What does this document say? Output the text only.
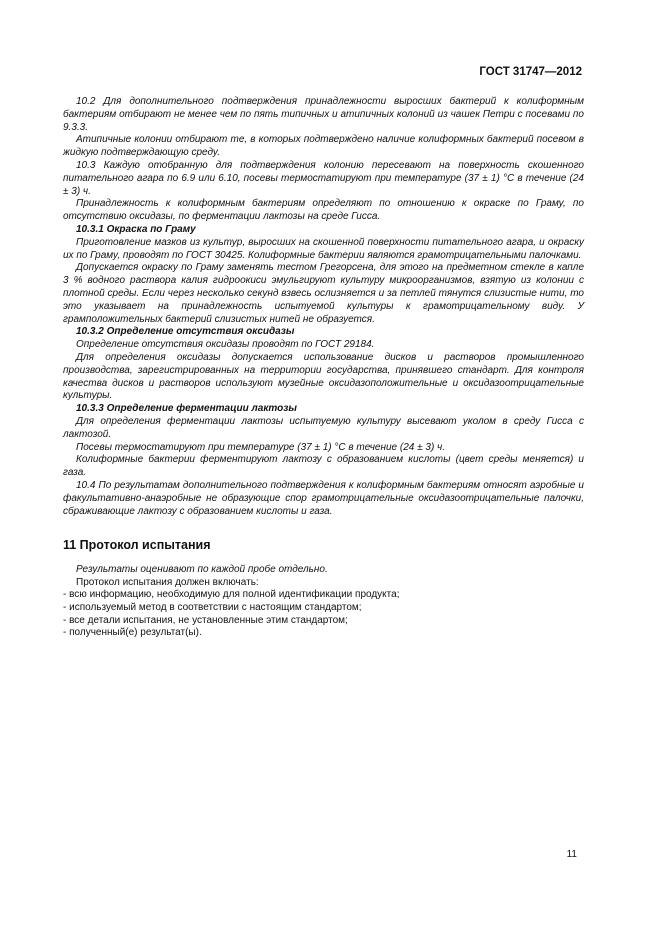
ГОСТ 31747—2012

10.2 Для дополнительного подтверждения принадлежности выросших бактерий к колиформным бактериям отбирают не менее чем по пять типичных и атипичных колоний из чашек Петри с посевами по 9.3.3.

Атипичные колонии отбирают те, в которых подтверждено наличие колиформных бактерий посевом в жидкую подтверждающую среду.

10.3 Каждую отобранную для подтверждения колонию пересевают на поверхность скошенного питательного агара по 6.9 или 6.10, посевы термостатируют при температуре (37 ± 1) °С в течение (24 ± 3) ч.

Принадлежность к колиформным бактериям определяют по отношению к окраске по Граму, по отсутствию оксидазы, по ферментации лактозы на среде Гисса.

10.3.1 Окраска по Граму

Приготовление мазков из культур, выросших на скошенной поверхности питательного агара, и окраску их по Граму, проводят по ГОСТ 30425. Колиформные бактерии являются грамотрицательными палочками.

Допускается окраску по Граму заменять тестом Грегорсена, для этого на предметном стекле в капле 3 % водного раствора калия гидроокиси эмульгируют культуру микроорганизмов, взятую из колонии с плотной среды. Если через несколько секунд взвесь ослизняется и за петлей тянутся слизистые нити, то это указывает на принадлежность испытуемой культуры к грамотрицательному виду. У грамположительных бактерий слизистых нитей не образуется.

10.3.2 Определение отсутствия оксидазы

Определение отсутствия оксидазы проводят по ГОСТ 29184.

Для определения оксидазы допускается использование дисков и растворов промышленного производства, зарегистрированных на территории государства, принявшего стандарт. Для контроля качества дисков и растворов используют музейные оксидазоположительные и оксидазоотрицательные культуры.

10.3.3 Определение ферментации лактозы

Для определения ферментации лактозы испытуемую культуру высевают уколом в среду Гисса с лактозой.

Посевы термостатируют при температуре (37 ± 1) °С в течение (24 ± 3) ч.

Колиформные бактерии ферментируют лактозу с образованием кислоты (цвет среды меняется) и газа.

10.4 По результатам дополнительного подтверждения к колиформным бактериям относят аэробные и факультативно-анаэробные не образующие спор грамотрицательные оксидазоотрицательные палочки, сбраживающие лактозу с образованием кислоты и газа.

11 Протокол испытания

Результаты оценивают по каждой пробе отдельно.

Протокол испытания должен включать:

- всю информацию, необходимую для полной идентификации продукта;

- используемый метод в соответствии с настоящим стандартом;

- все детали испытания, не установленные этим стандартом;

- полученный(е) результат(ы).

11
